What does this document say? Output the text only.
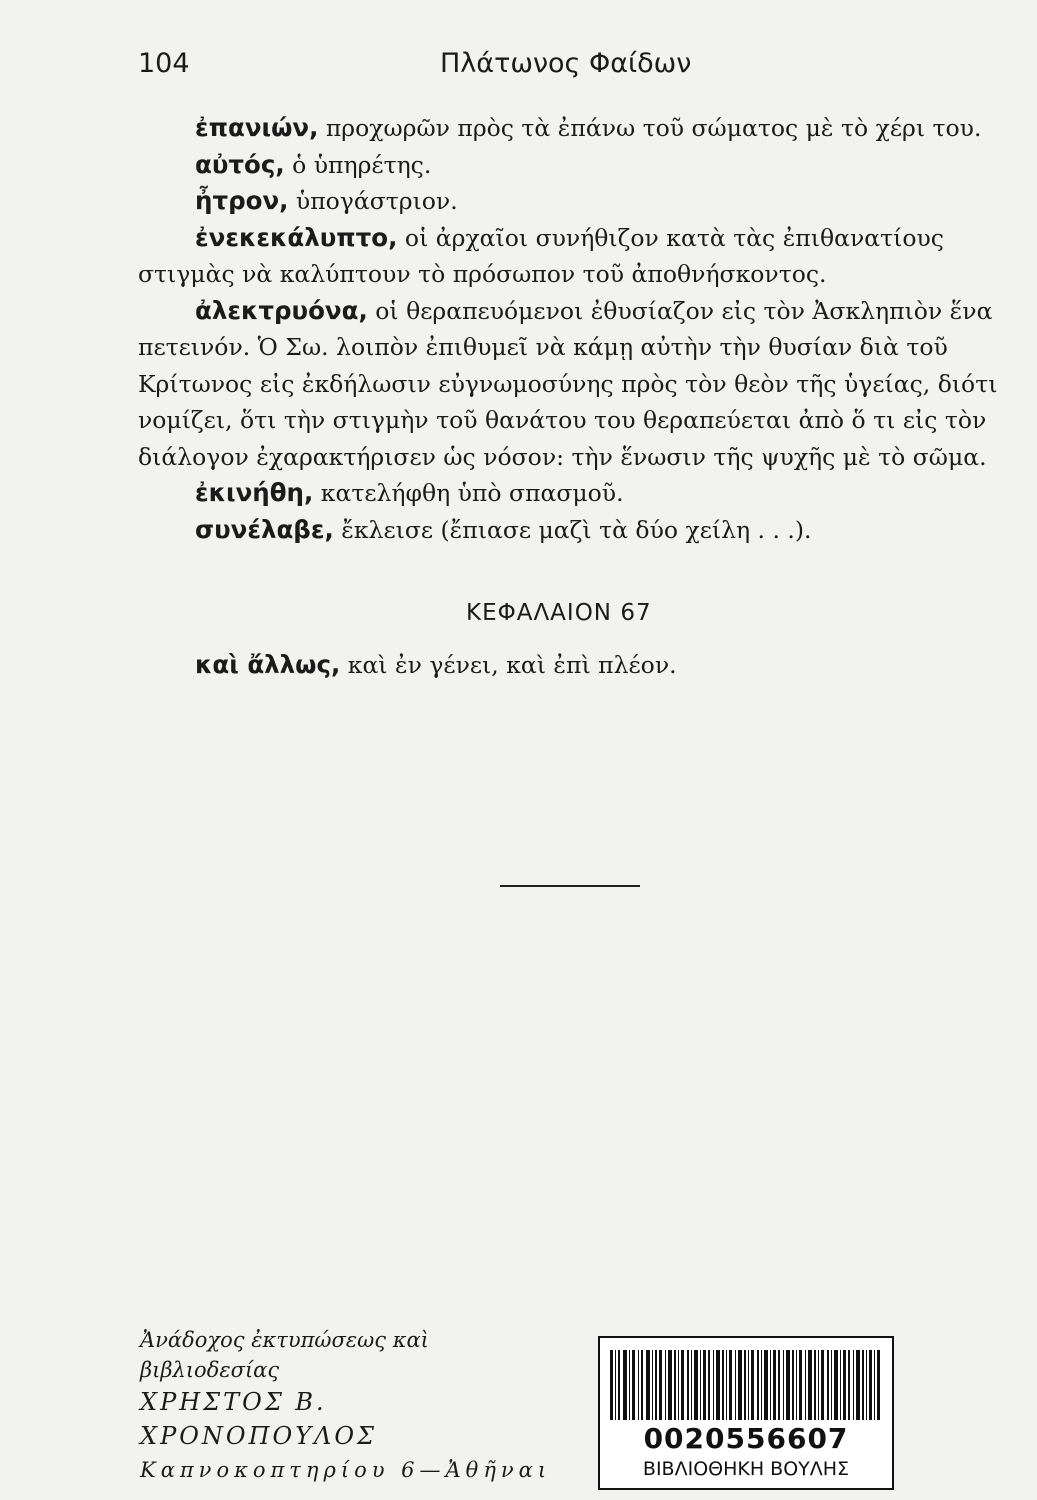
104	Πλάτωνος Φαίδων

ἐπανιών, προχωρῶν πρὸς τὰ ἐπάνω τοῦ σώματος μὲ τὸ χέρι του.

αὐτός, ὁ ὑπηρέτης.

ἦτρον, ὑπογάστριον.

ἐνεκεκάλυπτο, οἱ ἀρχαῖοι συνήθιζον κατὰ τὰς ἐπιθανατίους στιγμὰς νὰ καλύπτουν τὸ πρόσωπον τοῦ ἀποθνήσκοντος.

ἀλεκτρυόνα, οἱ θεραπευόμενοι ἐθυσίαζον εἰς τὸν Ἀσκληπιὸν ἕνα πετεινόν. Ὁ Σω. λοιπὸν ἐπιθυμεῖ νὰ κάμῃ αὐτὴν τὴν θυσίαν διὰ τοῦ Κρίτωνος εἰς ἐκδήλωσιν εὐγνωμοσύνης πρὸς τὸν θεὸν τῆς ὑγείας, διότι νομίζει, ὅτι τὴν στιγμὴν τοῦ θανάτου του θεραπεύεται ἀπὸ ὅ τι εἰς τὸν διάλογον ἐχαρακτήρισεν ὡς νόσον: τὴν ἕνωσιν τῆς ψυχῆς μὲ τὸ σῶμα.

ἐκινήθη, κατελήφθη ὑπὸ σπασμοῦ.

συνέλαβε, ἔκλεισε (ἔπιασε μαζὶ τὰ δύο χείλη . . .).

ΚΕΦΑΛΑΙΟΝ 67
καὶ ἄλλως, καὶ ἐν γένει, καὶ ἐπὶ πλέον.
Ἀνάδοχος ἐκτυπώσεως καὶ βιβλιοδεσίας
ΧΡΗΣΤΟΣ Β. ΧΡΟΝΟΠΟΥΛΟΣ
Καπνοκοπτηρίου 6—Ἀθῆναι
0020556607
ΒΙΒΛΙΟΘΗΚΗ ΒΟΥΛΗΣ
